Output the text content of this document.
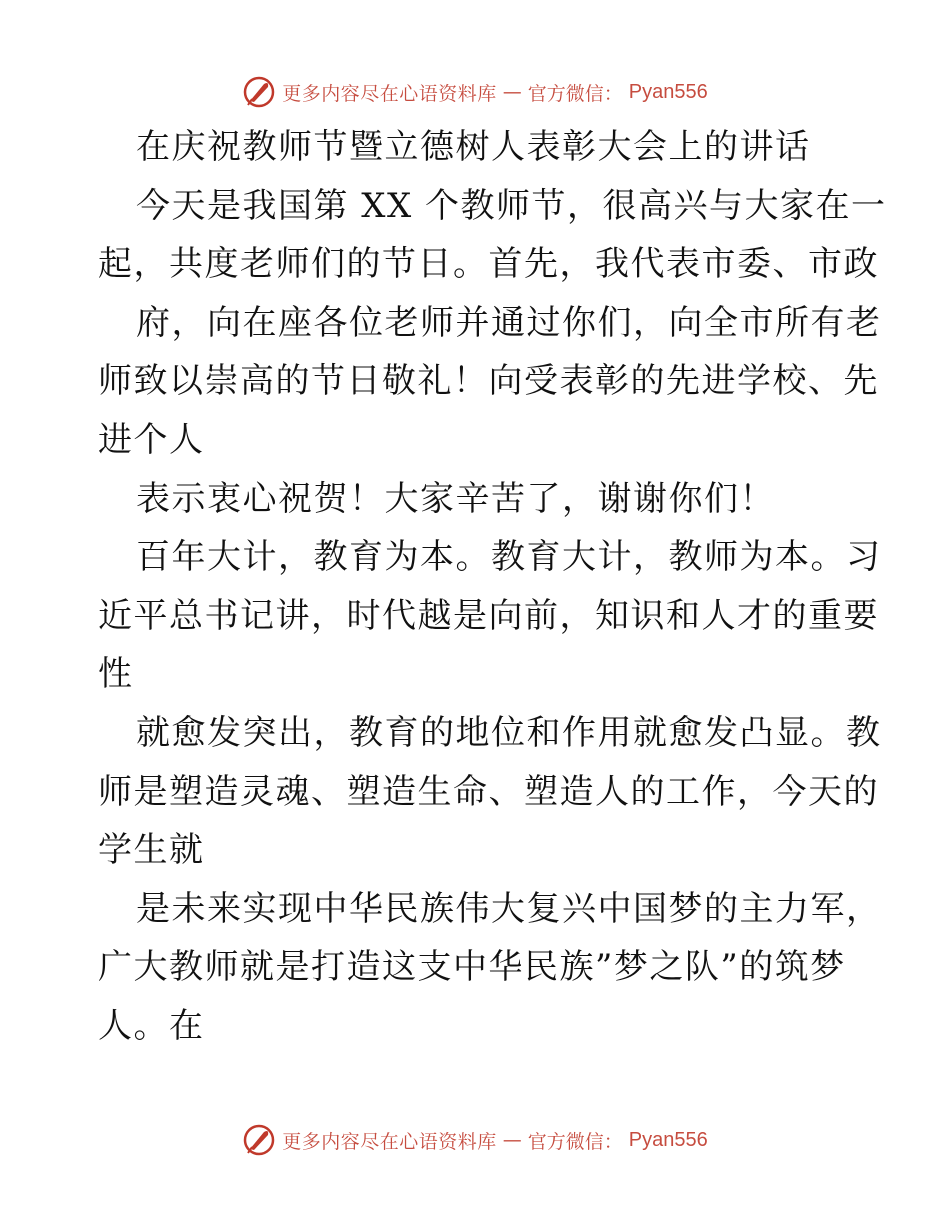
更多内容尽在心语资料库 — 官方微信： Pyan556
在庆祝教师节暨立德树人表彰大会上的讲话
今天是我国第 XX 个教师节，很高兴与大家在一
起，共度老师们的节日。首先，我代表市委、市政
府，向在座各位老师并通过你们，向全市所有老
师致以崇高的节日敬礼！向受表彰的先进学校、先
进个人
表示衷心祝贺！大家辛苦了，谢谢你们！
百年大计，教育为本。教育大计，教师为本。习
近平总书记讲，时代越是向前，知识和人才的重要
性
就愈发突出，教育的地位和作用就愈发凸显。教
师是塑造灵魂、塑造生命、塑造人的工作，今天的
学生就
是未来实现中华民族伟大复兴中国梦的主力军，
广大教师就是打造这支中华民族”梦之队”的筑梦
人。在
更多内容尽在心语资料库 — 官方微信： Pyan556
